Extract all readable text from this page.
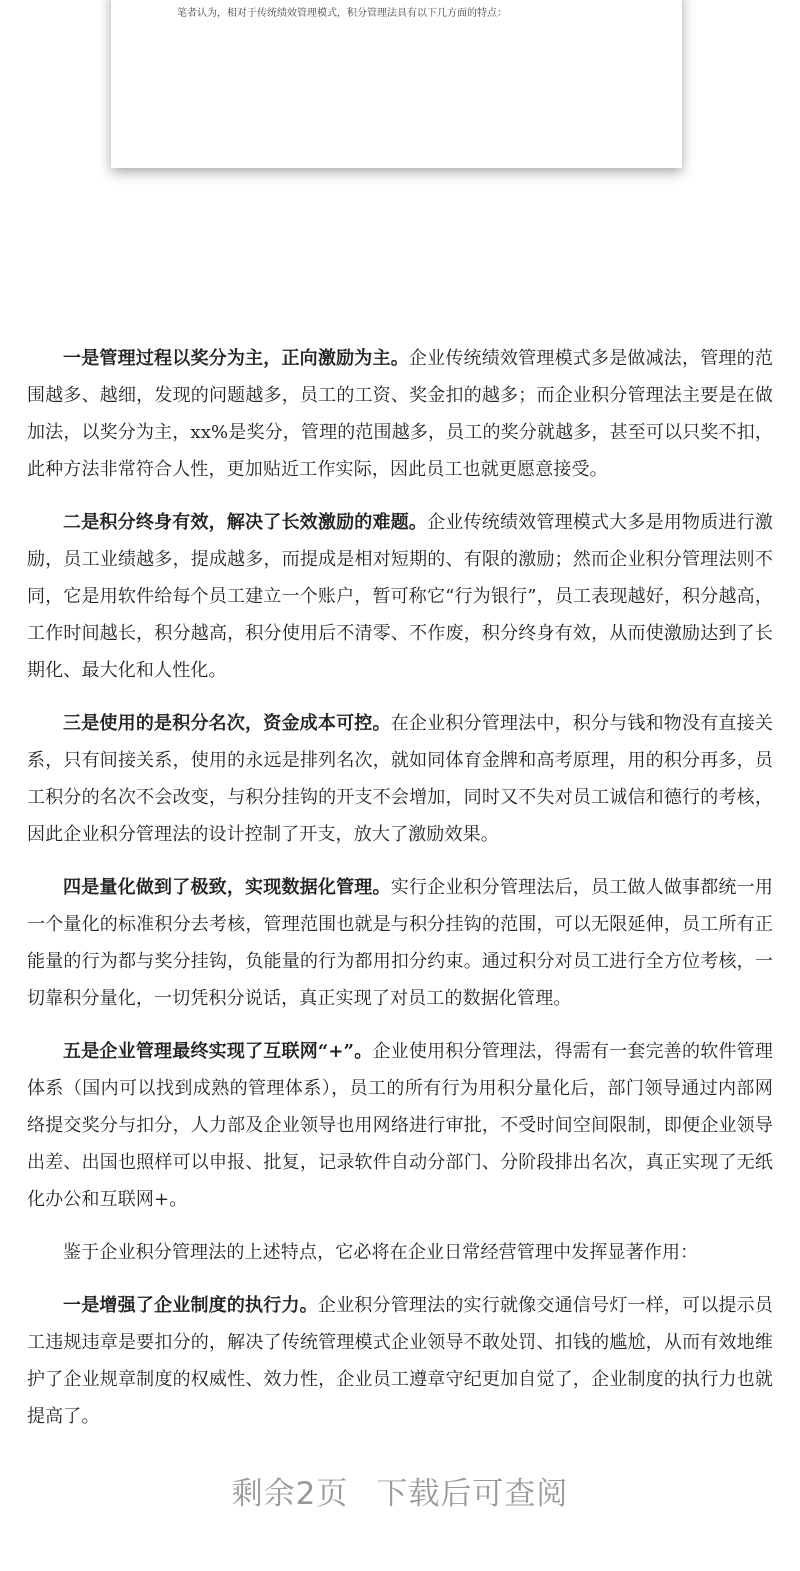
笔者认为，相对于传统绩效管理模式，积分管理法具有以下几方面的特点：

一是管理过程以奖分为主，正向激励为主。企业传统绩效管理模式多是做减法，管理的范围越多、越细，发现的问题越多，员工的工资、奖金扣的越多；而企业积分管理法主要是在做加法，以奖分为主，xx%是奖分，管理的范围越多，员工的奖分就越多，甚至可以只奖不扣，此种方法非常符合人性，更加贴近工作实际，因此员工也就更愿意接受。

二是积分终身有效，解决了长效激励的难题。企业传统绩效管理模式大多是用物质进行激励，员工业绩越多，提成越多，而提成是相对短期的、有限的激励；然而企业积分管理法则不同，它是用软件给每个员工建立一个账户，暂可称它“行为银行”，员工表现越好，积分越高，工作时间越长，积分越高，积分使用后不清零、不作废，积分终身有效，从而使激励达到了长期化、最大化和人性化。

三是使用的是积分名次，资金成本可控。在企业积分管理法中，积分与钱和物没有直接关系，只有间接关系，使用的永远是排列名次，就如同体育金牌和高考原理，用的积分再多，员工积分的名次不会改变，与积分挂钩的开支不会增加，同时又不失对员工诚信和德行的考核，因此企业积分管理法的设计控制了开支，放大了激励效果。

四是量化做到了极致，实现数据化管理。实行企业积分管理法后，员工做人做事都统一用一个量化的标准积分去考核，管理范围也就是与积分挂钩的范围，可以无限延伸，员工所有正能量的行为都与奖分挂钩，负能量的行为都用扣分约束。通过积分对员工进行全方位考核，一切靠积分量化，一切凭积分说话，真正实现了对员工的数据化管理。

五是企业管理最终实现了互联网“+”。企业使用积分管理法，得需有一套完善的软件管理体系（国内可以找到成熟的管理体系），员工的所有行为用积分量化后，部门领导通过内部网络提交奖分与扣分，人力部及企业领导也用网络进行审批，不受时间空间限制，即便企业领导出差、出国也照样可以申报、批复，记录软件自动分部门、分阶段排出名次，真正实现了无纸化办公和互联网+。

鉴于企业积分管理法的上述特点，它必将在企业日常经营管理中发挥显著作用：

一是增强了企业制度的执行力。企业积分管理法的实行就像交通信号灯一样，可以提示员工违规违章是要扣分的，解决了传统管理模式企业领导不敢处罚、扣钱的尴尬，从而有效地维护了企业规章制度的权威性、效力性，企业员工遵章守纪更加自觉了，企业制度的执行力也就提高了。

剩余2页 下载后可查阅
